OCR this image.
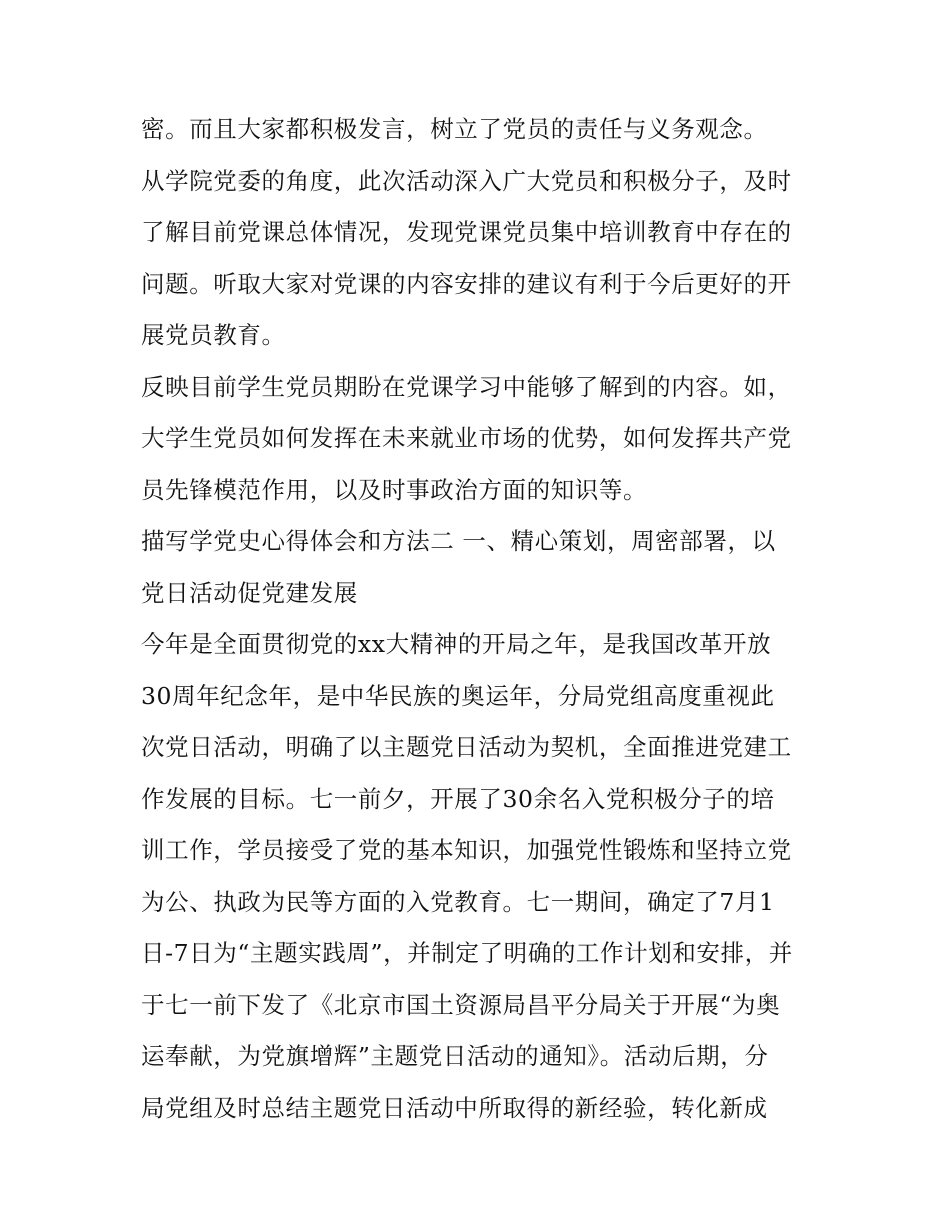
密。而且大家都积极发言，树立了党员的责任与义务观念。
从学院党委的角度，此次活动深入广大党员和积极分子，及时
了解目前党课总体情况，发现党课党员集中培训教育中存在的
问题。听取大家对党课的内容安排的建议有利于今后更好的开
展党员教育。
反映目前学生党员期盼在党课学习中能够了解到的内容。如，
大学生党员如何发挥在未来就业市场的优势，如何发挥共产党
员先锋模范作用，以及时事政治方面的知识等。
描写学党史心得体会和方法二 一、精心策划，周密部署，以
党日活动促党建发展
今年是全面贯彻党的xx大精神的开局之年，是我国改革开放
30周年纪念年，是中华民族的奥运年，分局党组高度重视此
次党日活动，明确了以主题党日活动为契机，全面推进党建工
作发展的目标。七一前夕，开展了30余名入党积极分子的培
训工作，学员接受了党的基本知识，加强党性锻炼和坚持立党
为公、执政为民等方面的入党教育。七一期间，确定了7月1
日-7日为“主题实践周”，并制定了明确的工作计划和安排，并
于七一前下发了《北京市国土资源局昌平分局关于开展“为奥
运奉献，为党旗增辉”主题党日活动的通知》。活动后期，分
局党组及时总结主题党日活动中所取得的新经验，转化新成
